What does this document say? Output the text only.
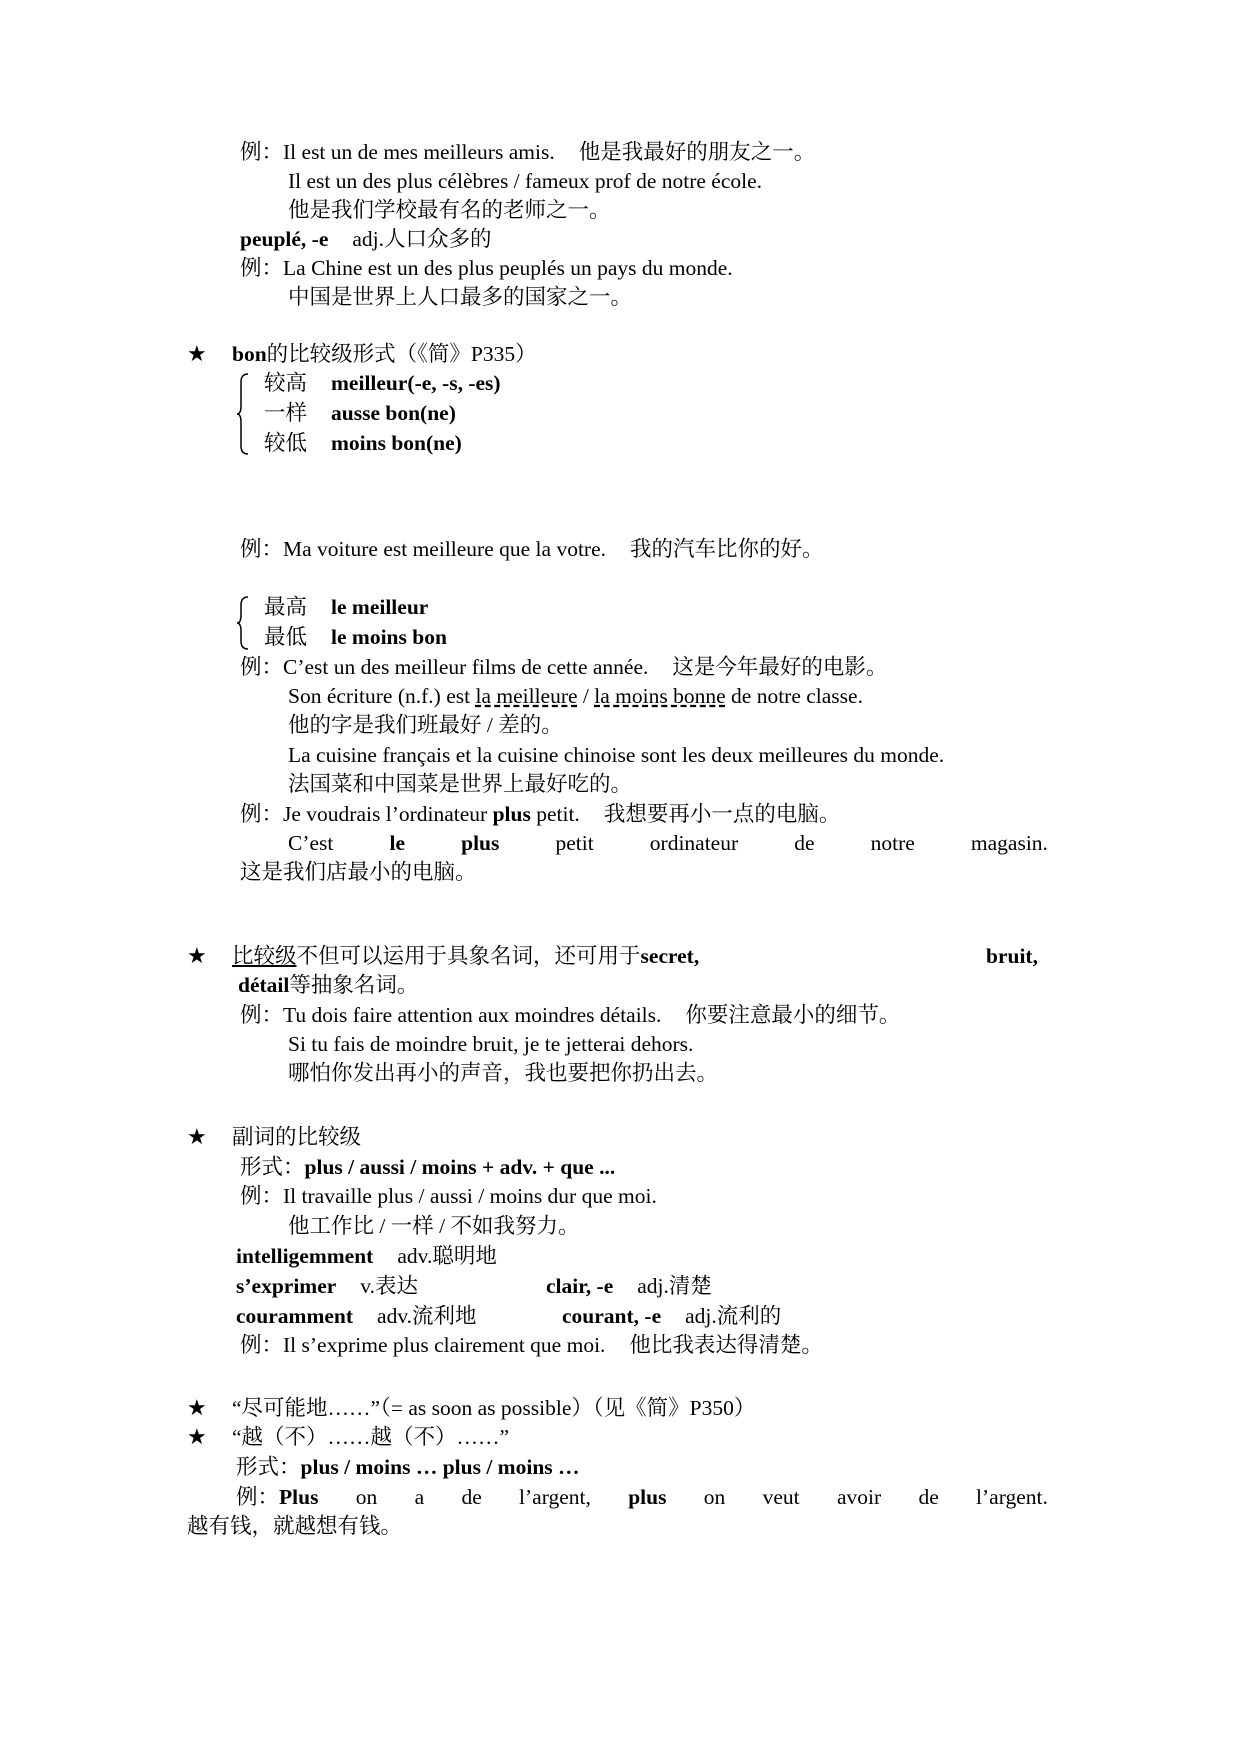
例：Il est un de mes meilleurs amis. 他是我最好的朋友之一。
Il est un des plus célèbres / fameux prof de notre école.
他是我们学校最有名的老师之一。
peuplé, -e adj.人口众多的
例：La Chine est un des plus peuplés un pays du monde.
中国是世界上人口最多的国家之一。
★ bon的比较级形式（《简》P335）
较高 meilleur(-e, -s, -es)
一样 ausse bon(ne)
较低 moins bon(ne)
例：Ma voiture est meilleure que la votre. 我的汽车比你的好。
最高 le meilleur
最低 le moins bon
例：C’est un des meilleur films de cette année. 这是今年最好的电影。
Son écriture (n.f.) est la meilleure / la moins bonne de notre classe.
他的字是我们班最好 / 差的。
La cuisine français et la cuisine chinoise sont les deux meilleures du monde.
法国菜和中国菜是世界上最好吃的。
例：Je voudrais l’ordinateur plus petit. 我想要再小一点的电脑。
C’est	le	plus	petit	ordinateur	de	notre	magasin.
这是我们店最小的电脑。
★ 比较级不但可以运用于具象名词，还可用于secret,	bruit,
détail等抽象名词。
例：Tu dois faire attention aux moindres détails. 你要注意最小的细节。
Si tu fais de moindre bruit, je te jetterai dehors.
哪怕你发出再小的声音，我也要把你扔出去。
★ 副词的比较级
形式：plus / aussi / moins + adv. + que ...
例：Il travaille plus / aussi / moins dur que moi.
他工作比 / 一样 / 不如我努力。
intelligemment adv.聪明地
s’exprimer v.表达	clair, -e adj.清楚
couramment adv.流利地	courant, -e adj.流利的
例：Il s’exprime plus clairement que moi. 他比我表达得清楚。
★ “尽可能地……”（= as soon as possible）（见《简》P350）
★ “越（不）……越（不）……”
形式：plus / moins … plus / moins …
例：Plus on a de l’argent, plus on veut avoir de l’argent.
越有钱，就越想有钱。
